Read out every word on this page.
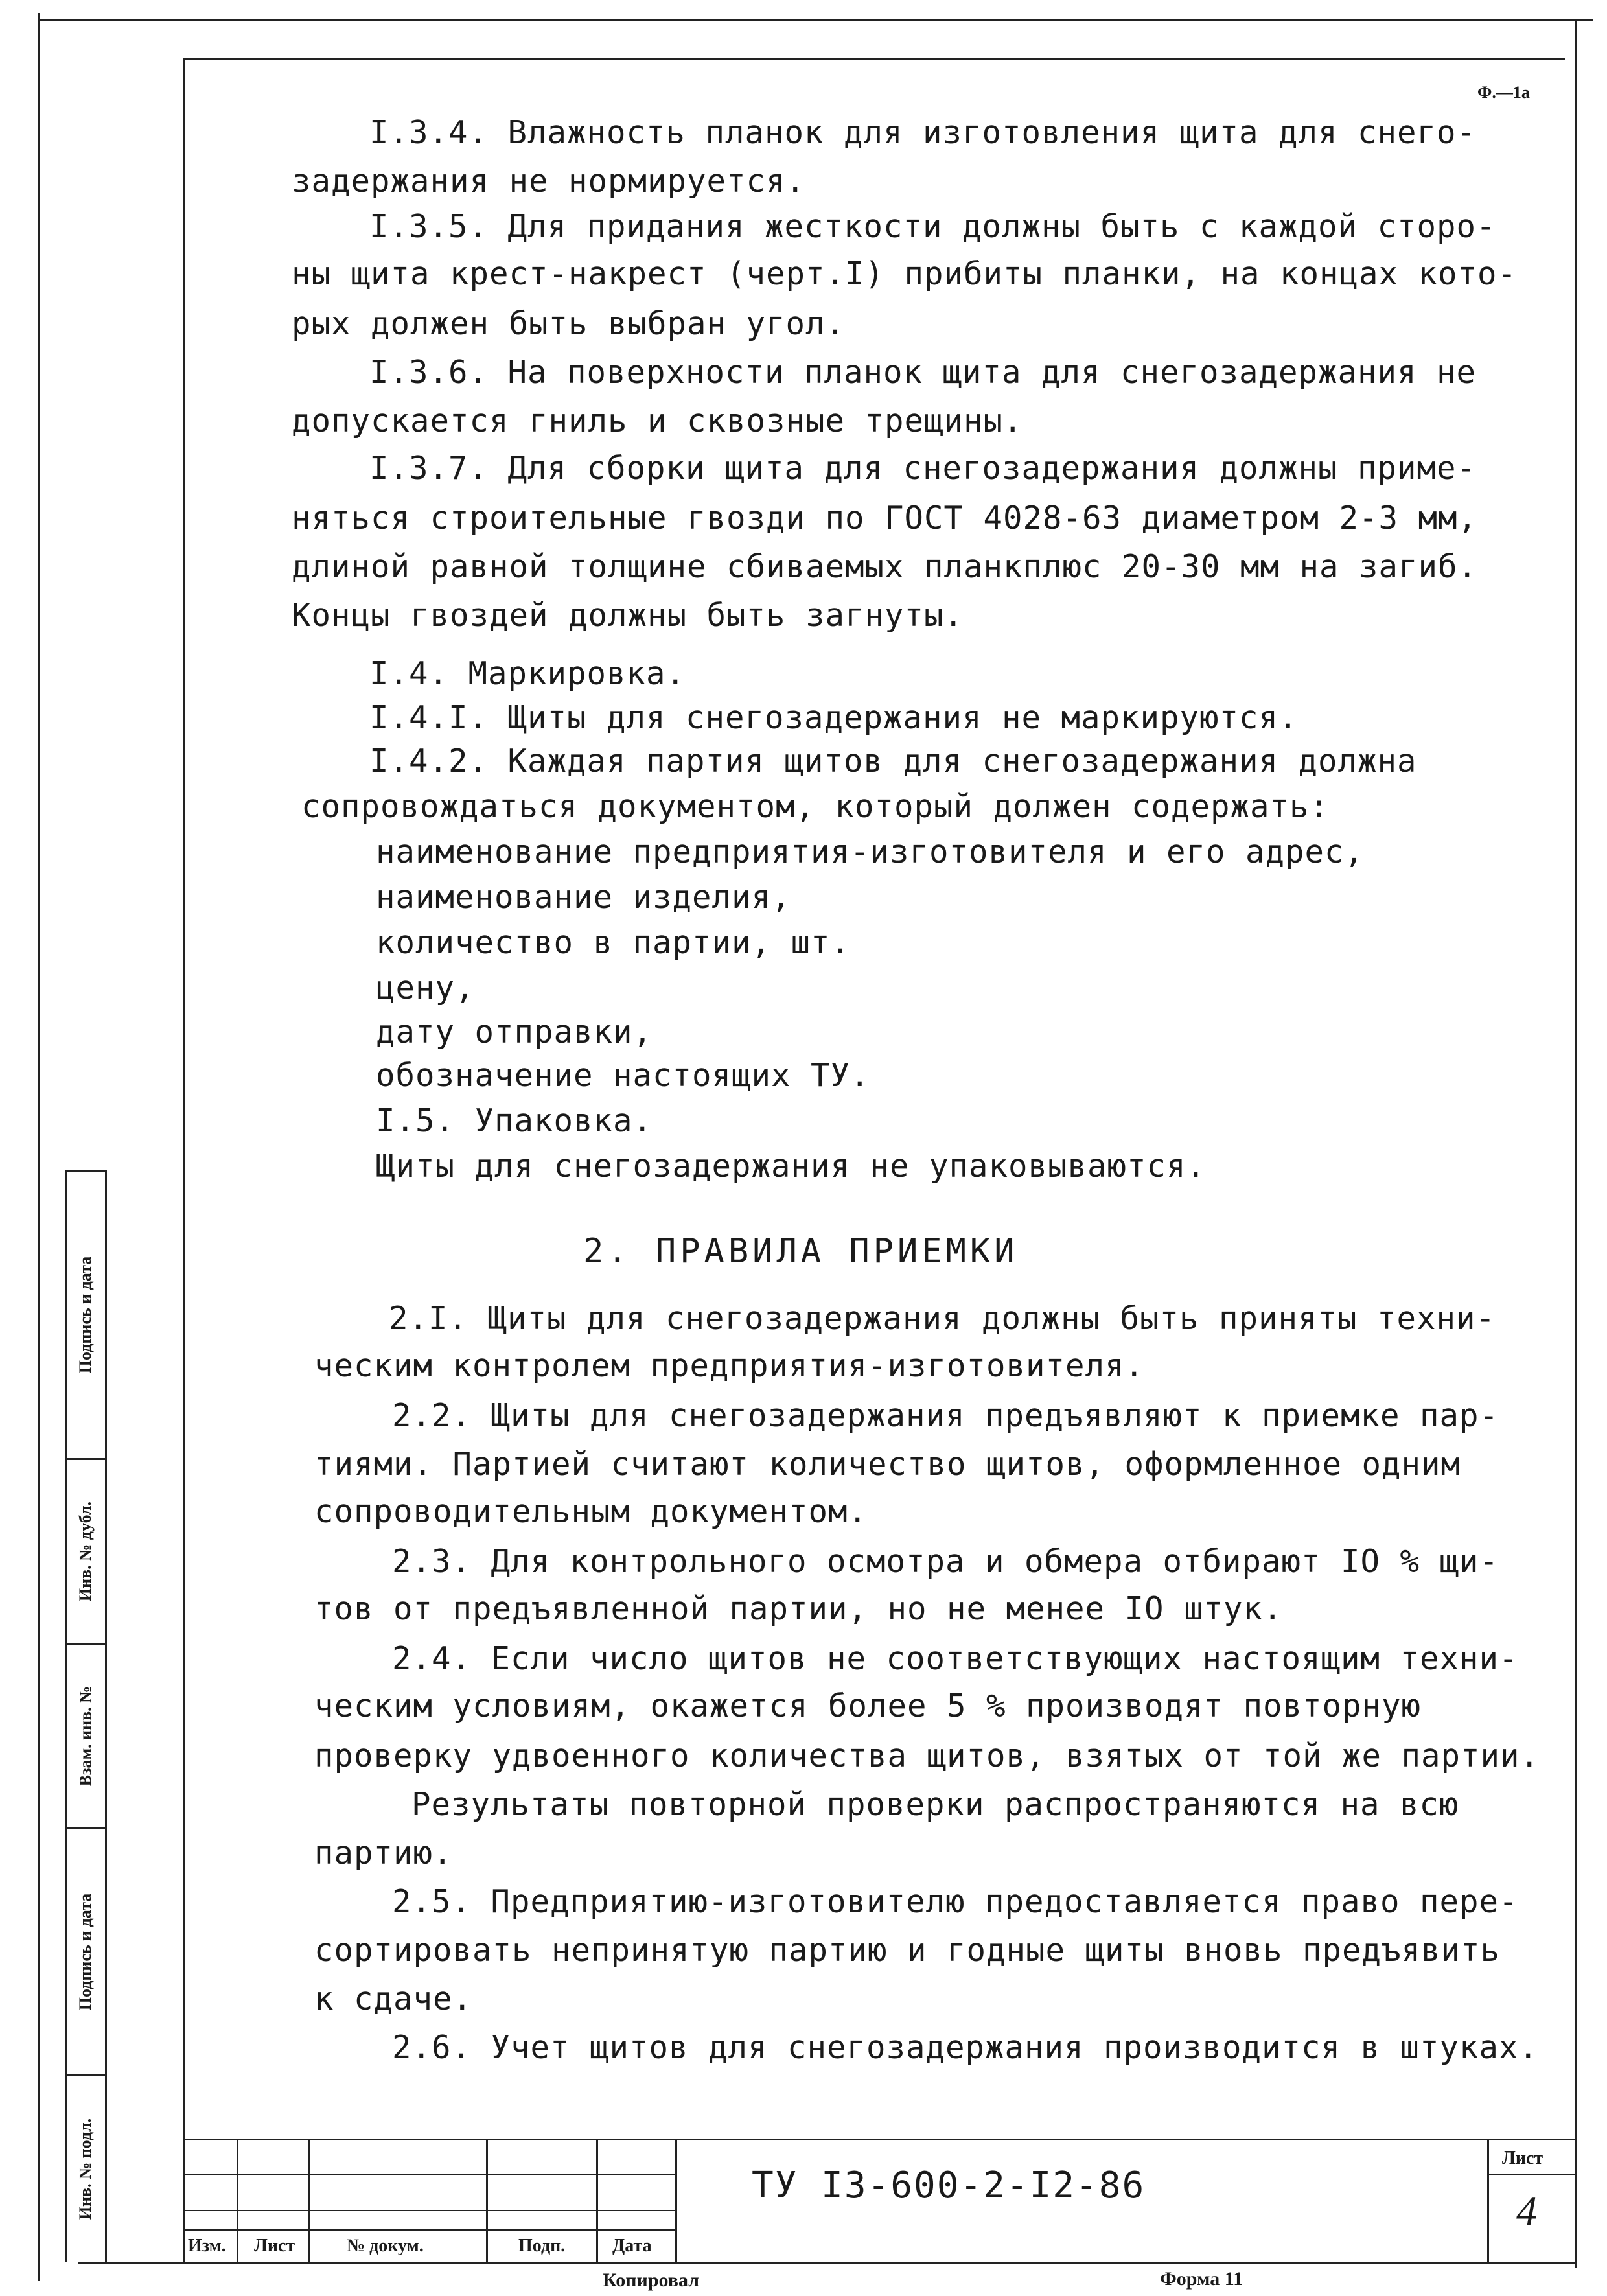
Ф.—1а
I.3.4. Влажность планок для изготовления щита для снего-
задержания не нормируется.
I.3.5. Для придания жесткости должны быть с каждой сторо-
ны щита крест-накрест (черт.I) прибиты планки, на концах кото-
рых должен быть выбран угол.
I.3.6. На поверхности планок щита для снегозадержания не
допускается гниль и сквозные трещины.
I.3.7. Для сборки щита для снегозадержания должны приме-
няться строительные гвозди по ГОСТ 4028-63 диаметром 2-3 мм,
длиной равной толщине сбиваемых планкплюс 20-30 мм на загиб.
Концы гвоздей должны быть загнуты.
I.4. Маркировка.
I.4.I. Щиты для снегозадержания не маркируются.
I.4.2. Каждая партия щитов для снегозадержания должна
сопровождаться документом, который должен содержать:
наименование предприятия-изготовителя и его адрес,
наименование изделия,
количество в партии, шт.
цену,
дату отправки,
обозначение настоящих ТУ.
I.5. Упаковка.
Щиты для снегозадержания не упаковываются.
2. ПРАВИЛА ПРИЕМКИ
2.I. Щиты для снегозадержания должны быть приняты техни-
ческим контролем предприятия-изготовителя.
2.2. Щиты для снегозадержания предъявляют к приемке пар-
тиями. Партией считают количество щитов, оформленное одним
сопроводительным документом.
2.3. Для контрольного осмотра и обмера отбирают IO % щи-
тов от предъявленной партии, но не менее IO штук.
2.4. Если число щитов не соответствующих настоящим техни-
ческим условиям, окажется более 5 % производят повторную
проверку удвоенного количества щитов, взятых от той же партии.
Результаты повторной проверки распространяются на всю
партию.
2.5. Предприятию-изготовителю предоставляется право пере-
сортировать непринятую партию и годные щиты вновь предъявить
к сдаче.
2.6. Учет щитов для снегозадержания производится в штуках.
Подпись и дата
Инв. № дубл.
Взам. инв. №
Подпись и дата
Инв. № подл.
Изм. Лист	№ докум.	Подп.	Дата
ТУ I3-600-2-I2-86
Лист
4
Копировал	Форма 11
